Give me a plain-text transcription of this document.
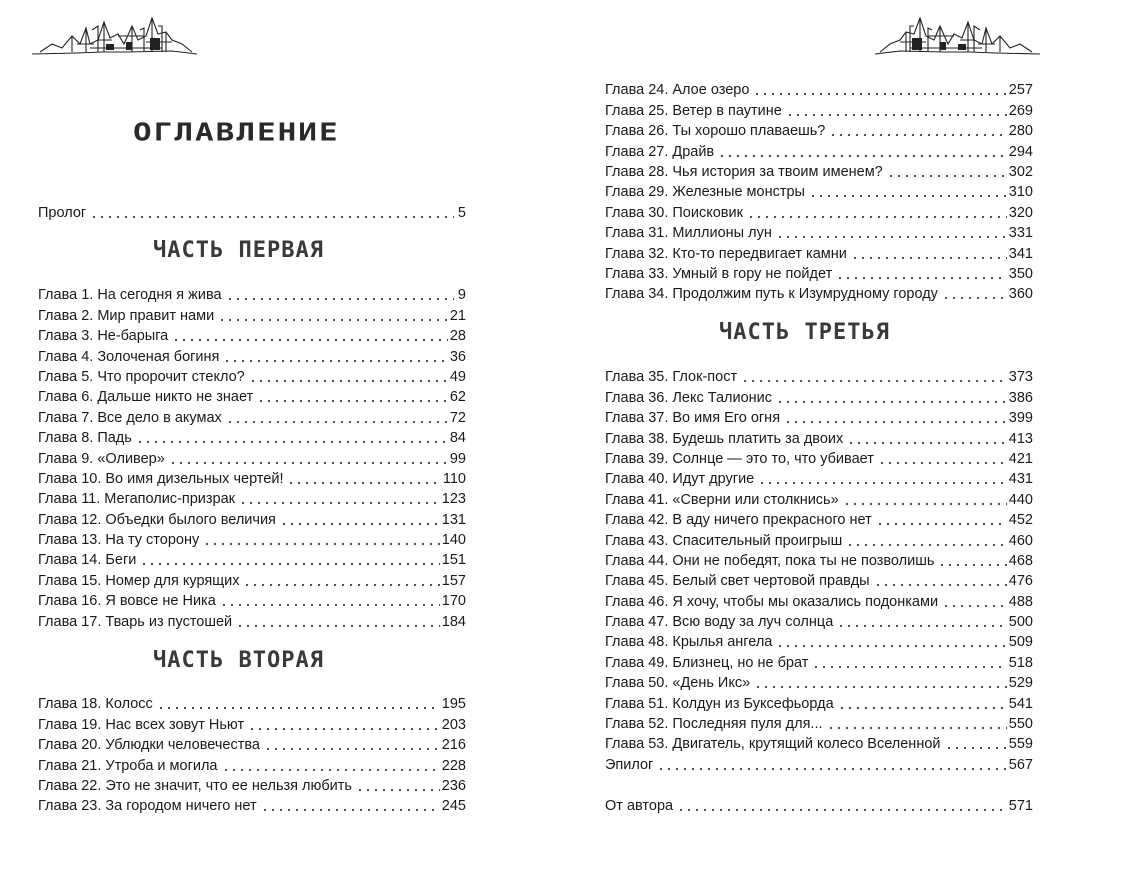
ОГЛАВЛЕНИЕ
Пролог	5
ЧАСТЬ ПЕРВАЯ
Глава 1. На сегодня я жива	9
Глава 2. Мир правит нами	21
Глава 3. Не-барыга	28
Глава 4. Золоченая богиня	36
Глава 5. Что пророчит стекло?	49
Глава 6. Дальше никто не знает	62
Глава 7. Все дело в акумах	72
Глава 8. Падь	84
Глава 9. «Оливер»	99
Глава 10. Во имя дизельных чертей!	110
Глава 11. Мегаполис-призрак	123
Глава 12. Объедки былого величия	131
Глава 13. На ту сторону	140
Глава 14. Беги	151
Глава 15. Номер для курящих	157
Глава 16. Я вовсе не Ника	170
Глава 17. Тварь из пустошей	184
ЧАСТЬ ВТОРАЯ
Глава 18. Колосс	195
Глава 19. Нас всех зовут Ньют	203
Глава 20. Ублюдки человечества	216
Глава 21. Утроба и могила	228
Глава 22. Это не значит, что ее нельзя любить	236
Глава 23. За городом ничего нет	245
Глава 24. Алое озеро	257
Глава 25. Ветер в паутине	269
Глава 26. Ты хорошо плаваешь?	280
Глава 27. Драйв	294
Глава 28. Чья история за твоим именем?	302
Глава 29. Железные монстры	310
Глава 30. Поисковик	320
Глава 31. Миллионы лун	331
Глава 32. Кто-то передвигает камни	341
Глава 33. Умный в гору не пойдет	350
Глава 34. Продолжим путь к Изумрудному городу	360
ЧАСТЬ ТРЕТЬЯ
Глава 35. Глок-пост	373
Глава 36. Лекс Талионис	386
Глава 37. Во имя Его огня	399
Глава 38. Будешь платить за двоих	413
Глава 39. Солнце — это то, что убивает	421
Глава 40. Идут другие	431
Глава 41. «Сверни или столкнись»	440
Глава 42. В аду ничего прекрасного нет	452
Глава 43. Спасительный проигрыш	460
Глава 44. Они не победят, пока ты не позволишь	468
Глава 45. Белый свет чертовой правды	476
Глава 46. Я хочу, чтобы мы оказались подонками	488
Глава 47. Всю воду за луч солнца	500
Глава 48. Крылья ангела	509
Глава 49. Близнец, но не брат	518
Глава 50. «День Икс»	529
Глава 51. Колдун из Буксефьорда	541
Глава 52. Последняя пуля для...	550
Глава 53. Двигатель, крутящий колесо Вселенной	559
Эпилог	567
От автора	571
